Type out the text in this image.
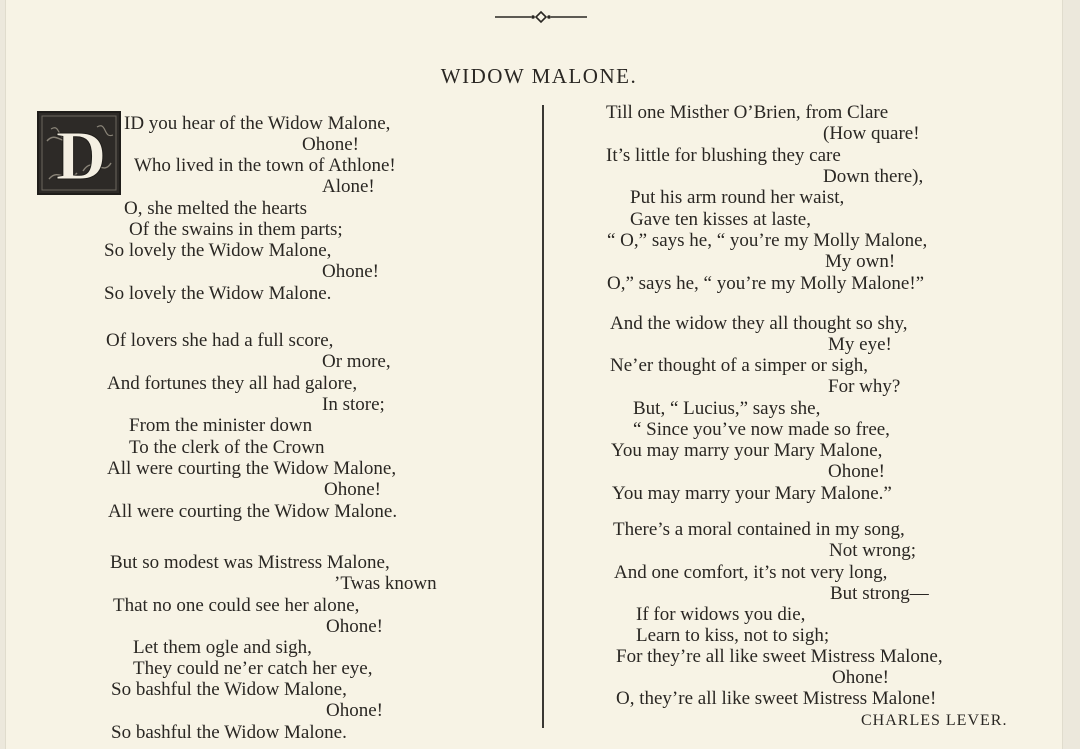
WIDOW MALONE.
D ID you hear of the Widow Malone,
Ohone!
Who lived in the town of Athlone!
Alone!
O, she melted the hearts
Of the swains in them parts;
So lovely the Widow Malone,
Ohone!
So lovely the Widow Malone.
Of lovers she had a full score,
Or more,
And fortunes they all had galore,
In store;
From the minister down
To the clerk of the Crown
All were courting the Widow Malone,
Ohone!
All were courting the Widow Malone.
But so modest was Mistress Malone,
’Twas known
That no one could see her alone,
Ohone!
Let them ogle and sigh,
They could ne’er catch her eye,
So bashful the Widow Malone,
Ohone!
So bashful the Widow Malone.
Till one Misther O’Brien, from Clare
(How quare!
It’s little for blushing they care
Down there),
Put his arm round her waist,
Gave ten kisses at laste,
“ O,” says he, “ you’re my Molly Malone,
My own!
O,” says he, “ you’re my Molly Malone!”
And the widow they all thought so shy,
My eye!
Ne’er thought of a simper or sigh,
For why?
But, “ Lucius,” says she,
“ Since you’ve now made so free,
You may marry your Mary Malone,
Ohone!
You may marry your Mary Malone.”
There’s a moral contained in my song,
Not wrong;
And one comfort, it’s not very long,
But strong—
If for widows you die,
Learn to kiss, not to sigh;
For they’re all like sweet Mistress Malone,
Ohone!
O, they’re all like sweet Mistress Malone!
CHARLES LEVER.
